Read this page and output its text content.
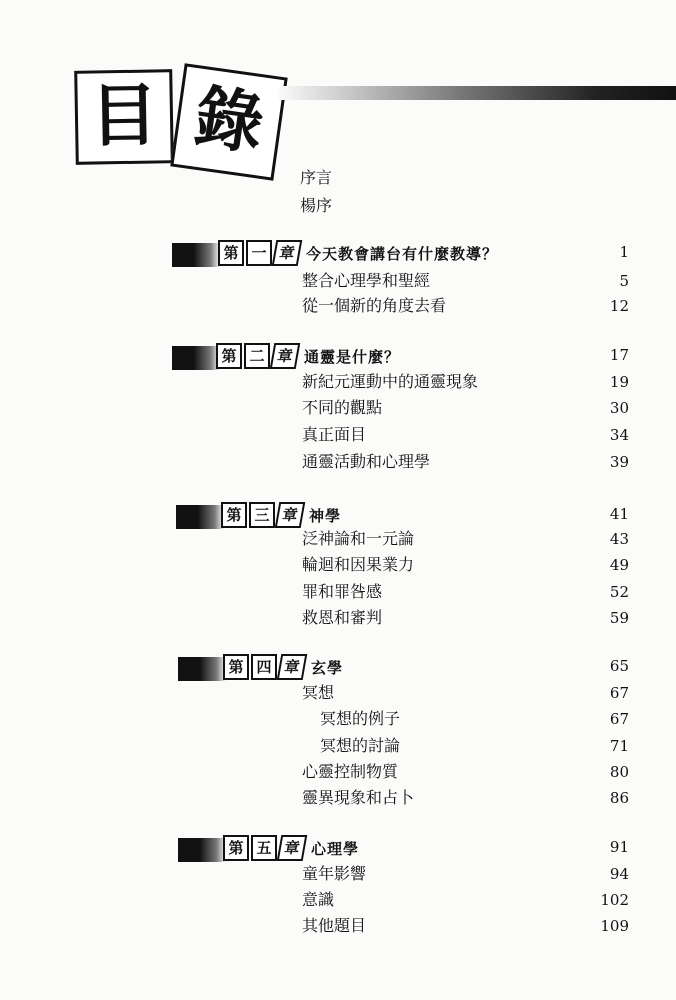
目 錄
序言
楊序
第 一 章 今天教會講台有什麼教導？	1
整合心理學和聖經	5
從一個新的角度去看	12
第 二 章 通靈是什麼？	17
新紀元運動中的通靈現象	19
不同的觀點	30
真正面目	34
通靈活動和心理學	39
第 三 章 神學	41
泛神論和一元論	43
輪迴和因果業力	49
罪和罪咎感	52
救恩和審判	59
第 四 章 玄學	65
冥想	67
冥想的例子	67
冥想的討論	71
心靈控制物質	80
靈異現象和占卜	86
第 五 章 心理學	91
童年影響	94
意識	102
其他題目	109
